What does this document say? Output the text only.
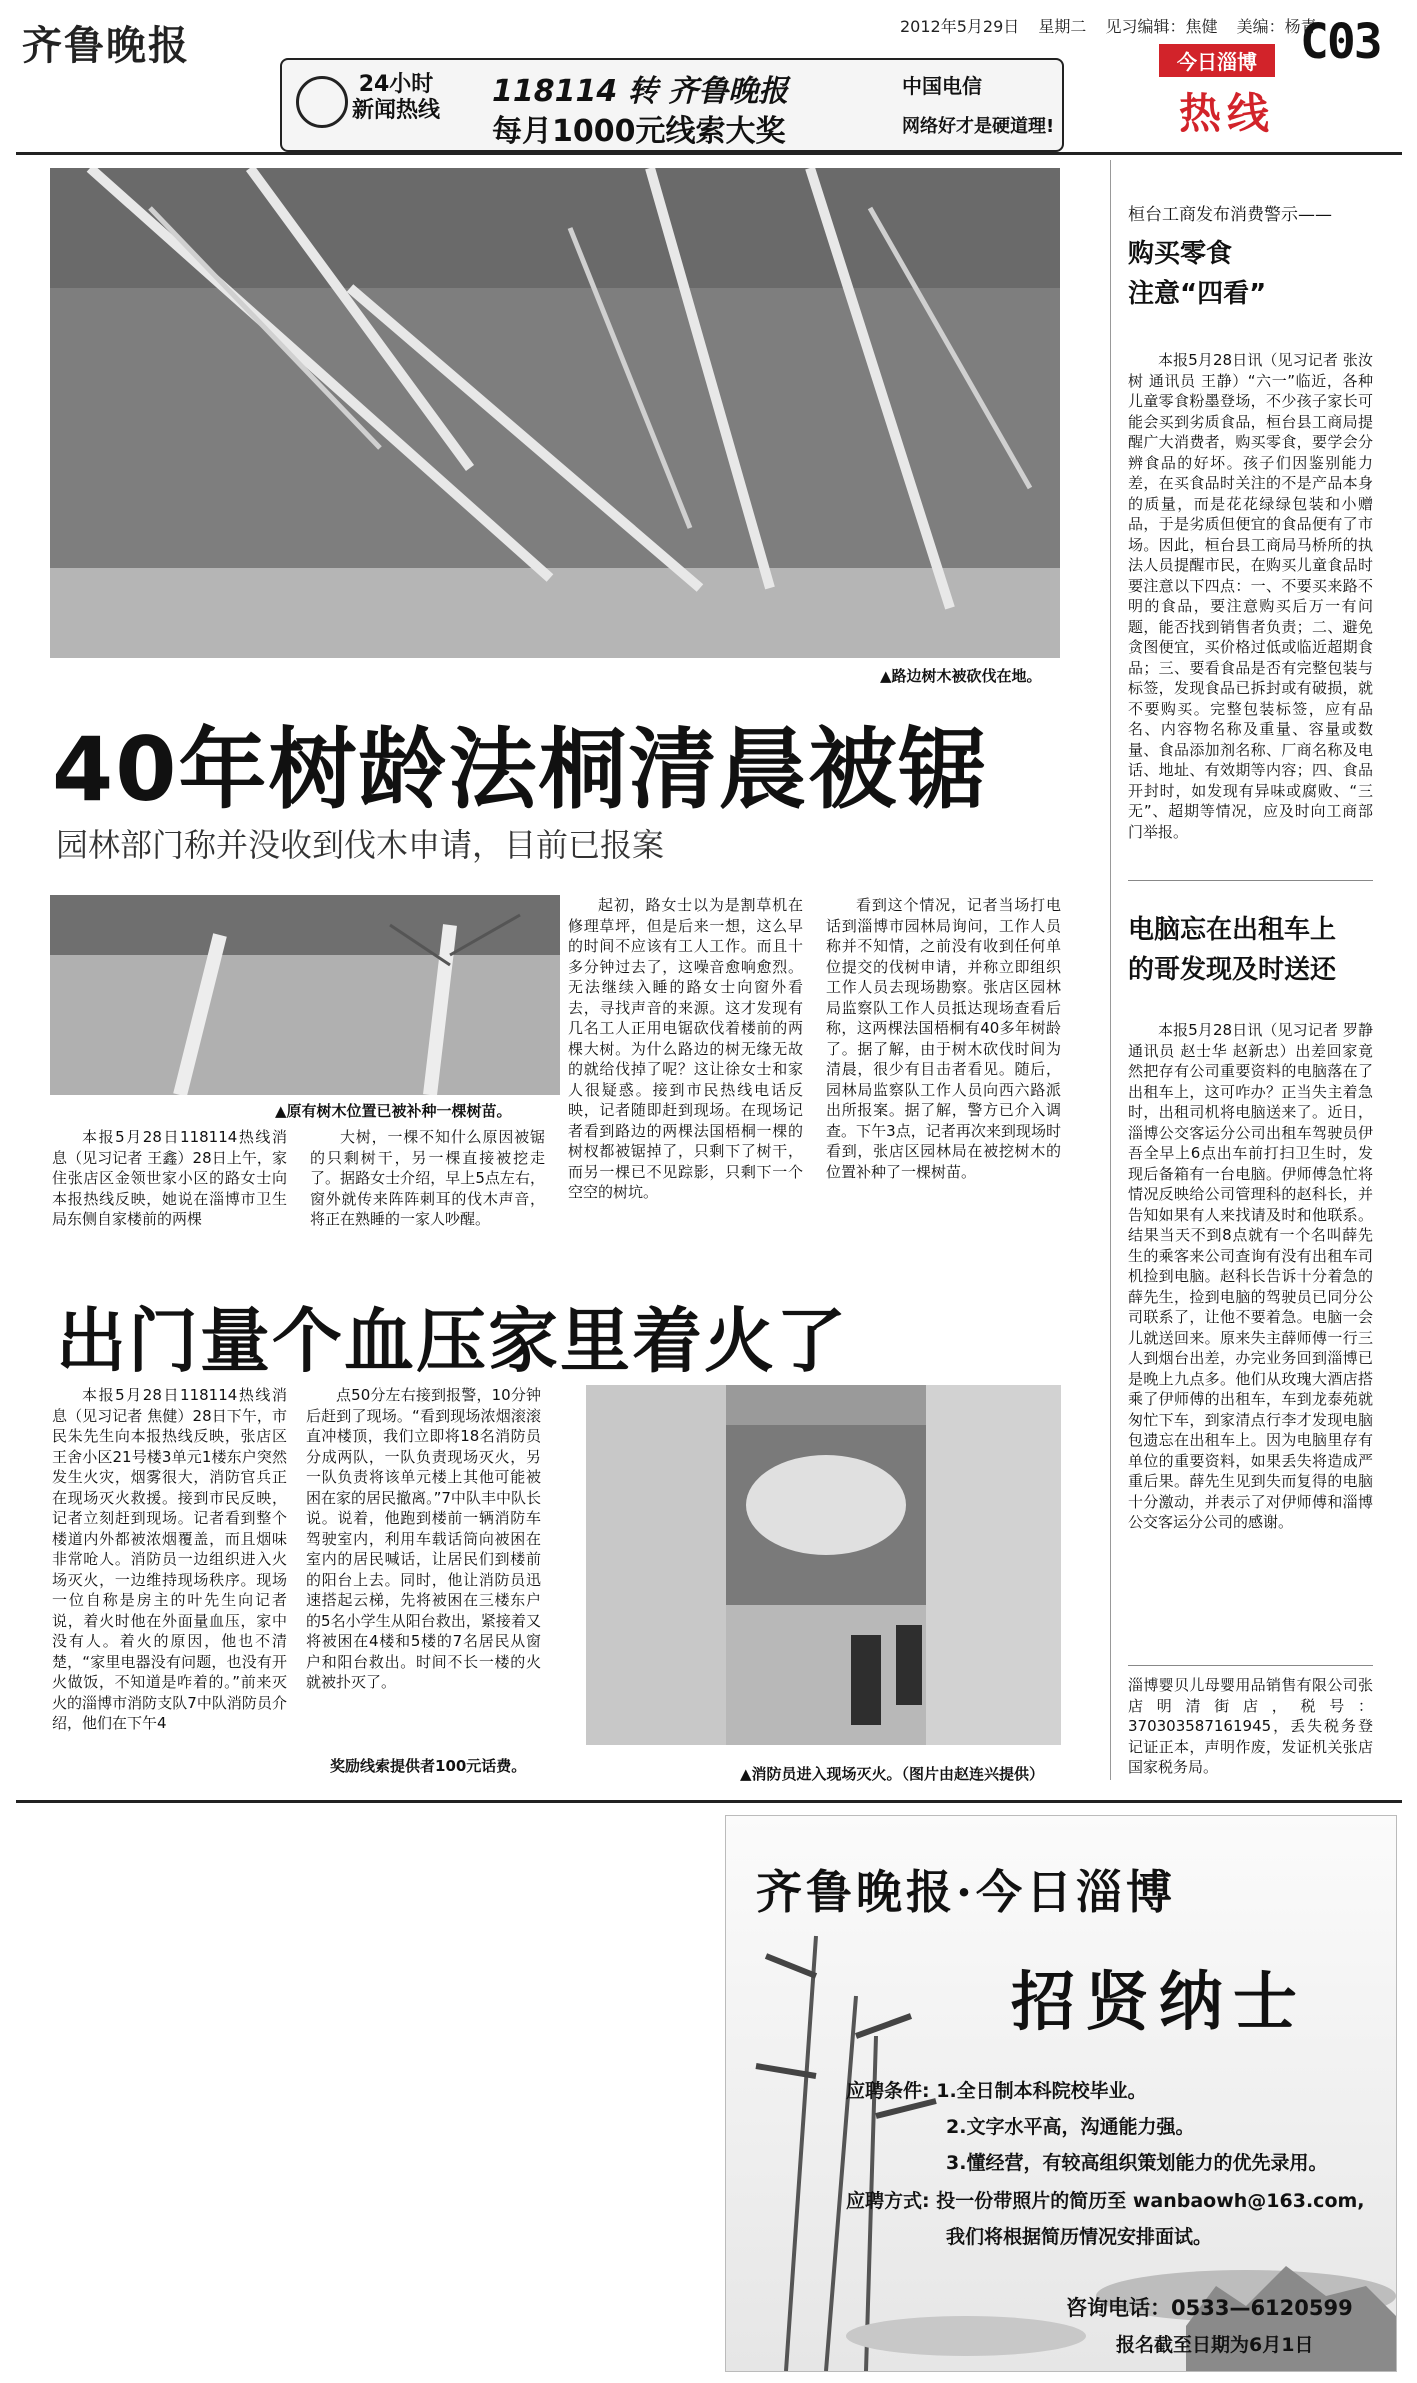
齐鲁晚报	2012年5月29日 星期二 见习编辑：焦健 美编：杨青
C03
今日淄博
热线
24小时
新闻热线
118114 转 齐鲁晚报
每月1000元线索大奖
中国电信
网络好才是硬道理!
▲路边树木被砍伐在地。
40年树龄法桐清晨被锯
园林部门称并没收到伐木申请，目前已报案
▲原有树木位置已被补种一棵树苗。
本报5月28日118114热线消息（见习记者 王鑫）28日上午，家住张店区金领世家小区的路女士向本报热线反映，她说在淄博市卫生局东侧自家楼前的两棵
大树，一棵不知什么原因被锯的只剩树干，另一棵直接被挖走了。据路女士介绍，早上5点左右，窗外就传来阵阵刺耳的伐木声音，将正在熟睡的一家人吵醒。
起初，路女士以为是割草机在修理草坪，但是后来一想，这么早的时间不应该有工人工作。而且十多分钟过去了，这噪音愈响愈烈。无法继续入睡的路女士向窗外看去，寻找声音的来源。这才发现有几名工人正用电锯砍伐着楼前的两棵大树。为什么路边的树无缘无故的就给伐掉了呢？这让徐女士和家人很疑惑。接到市民热线电话反映，记者随即赶到现场。在现场记者看到路边的两棵法国梧桐一棵的树杈都被锯掉了，只剩下了树干，而另一棵已不见踪影，只剩下一个空空的树坑。
看到这个情况，记者当场打电话到淄博市园林局询问，工作人员称并不知情，之前没有收到任何单位提交的伐树申请，并称立即组织工作人员去现场勘察。张店区园林局监察队工作人员抵达现场查看后称，这两棵法国梧桐有40多年树龄了。据了解，由于树木砍伐时间为清晨，很少有目击者看见。随后，园林局监察队工作人员向西六路派出所报案。据了解，警方已介入调查。下午3点，记者再次来到现场时看到，张店区园林局在被挖树木的位置补种了一棵树苗。
出门量个血压家里着火了
本报5月28日118114热线消息（见习记者 焦健）28日下午，市民朱先生向本报热线反映，张店区王舍小区21号楼3单元1楼东户突然发生火灾，烟雾很大，消防官兵正在现场灭火救援。接到市民反映，记者立刻赶到现场。记者看到整个楼道内外都被浓烟覆盖，而且烟味非常呛人。消防员一边组织进入火场灭火，一边维持现场秩序。现场一位自称是房主的叶先生向记者说，着火时他在外面量血压，家中没有人。着火的原因，他也不清楚，“家里电器没有问题，也没有开火做饭，不知道是咋着的。”前来灭火的淄博市消防支队7中队消防员介绍，他们在下午4
点50分左右接到报警，10分钟后赶到了现场。“看到现场浓烟滚滚直冲楼顶，我们立即将18名消防员分成两队，一队负责现场灭火，另一队负责将该单元楼上其他可能被困在家的居民撤离。”7中队丰中队长说。说着，他跑到楼前一辆消防车驾驶室内，利用车载话筒向被困在室内的居民喊话，让居民们到楼前的阳台上去。同时，他让消防员迅速搭起云梯，先将被困在三楼东户的5名小学生从阳台救出，紧接着又将被困在4楼和5楼的7名居民从窗户和阳台救出。时间不长一楼的火就被扑灭了。
奖励线索提供者100元话费。	▲消防员进入现场灭火。（图片由赵连兴提供）
桓台工商发布消费警示——
购买零食
注意“四看”
本报5月28日讯（见习记者 张汝树 通讯员 王静）“六一”临近，各种儿童零食粉墨登场，不少孩子家长可能会买到劣质食品，桓台县工商局提醒广大消费者，购买零食，要学会分辨食品的好坏。孩子们因鉴别能力差，在买食品时关注的不是产品本身的质量，而是花花绿绿包装和小赠品，于是劣质但便宜的食品便有了市场。因此，桓台县工商局马桥所的执法人员提醒市民，在购买儿童食品时要注意以下四点：一、不要买来路不明的食品，要注意购买后万一有问题，能否找到销售者负责；二、避免贪图便宜，买价格过低或临近超期食品；三、要看食品是否有完整包装与标签，发现食品已拆封或有破损，就不要购买。完整包装标签，应有品名、内容物名称及重量、容量或数量、食品添加剂名称、厂商名称及电话、地址、有效期等内容；四、食品开封时，如发现有异味或腐败、“三无”、超期等情况，应及时向工商部门举报。
电脑忘在出租车上
的哥发现及时送还
本报5月28日讯（见习记者 罗静 通讯员 赵士华 赵新忠）出差回家竟然把存有公司重要资料的电脑落在了出租车上，这可咋办？正当失主着急时，出租司机将电脑送来了。近日，淄博公交客运分公司出租车驾驶员伊吾全早上6点出车前打扫卫生时，发现后备箱有一台电脑。伊师傅急忙将情况反映给公司管理科的赵科长，并告知如果有人来找请及时和他联系。结果当天不到8点就有一个名叫薛先生的乘客来公司查询有没有出租车司机捡到电脑。赵科长告诉十分着急的薛先生，捡到电脑的驾驶员已同分公司联系了，让他不要着急。电脑一会儿就送回来。原来失主薛师傅一行三人到烟台出差，办完业务回到淄博已是晚上九点多。他们从玫瑰大酒店搭乘了伊师傅的出租车，车到龙泰苑就匆忙下车，到家清点行李才发现电脑包遗忘在出租车上。因为电脑里存有单位的重要资料，如果丢失将造成严重后果。薛先生见到失而复得的电脑十分激动，并表示了对伊师傅和淄博公交客运分公司的感谢。
淄博婴贝儿母婴用品销售有限公司张店明清街店，税号：370303587161945，丢失税务登记证正本，声明作废，发证机关张店国家税务局。
齐鲁晚报·今日淄博
招贤纳士
应聘条件: 1.全日制本科院校毕业。
2.文字水平高，沟通能力强。
3.懂经营，有较高组织策划能力的优先录用。
应聘方式: 投一份带照片的简历至 wanbaowh@163.com,
我们将根据简历情况安排面试。
咨询电话：0533—6120599
报名截至日期为6月1日
